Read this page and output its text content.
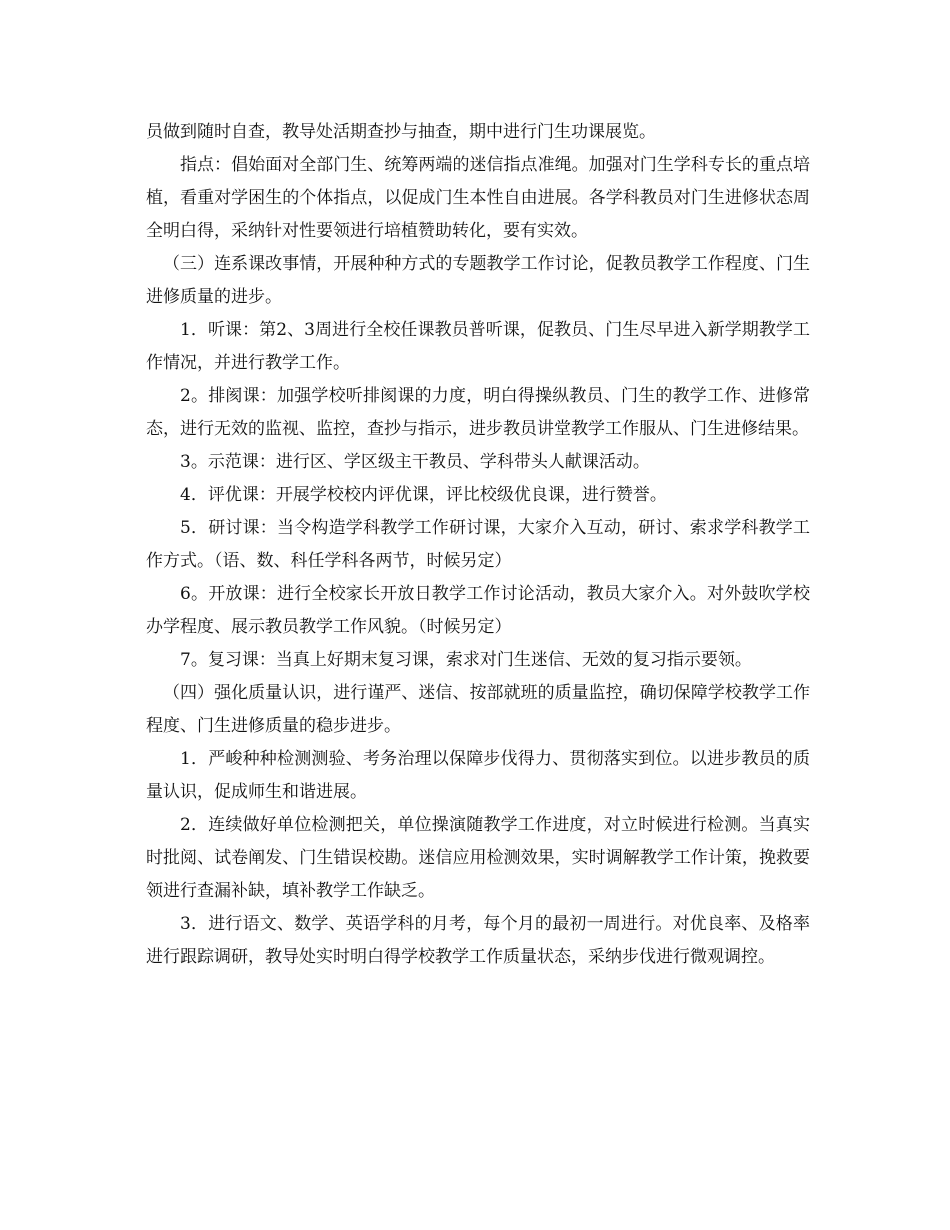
员做到随时自查，教导处活期查抄与抽查，期中进行门生功课展览。

指点：倡始面对全部门生、统筹两端的迷信指点准绳。加强对门生学科专长的重点培植，看重对学困生的个体指点，以促成门生本性自由进展。各学科教员对门生进修状态周全明白得，采纳针对性要领进行培植赞助转化，要有实效。

（三）连系课改事情，开展种种方式的专题教学工作讨论，促教员教学工作程度、门生进修质量的进步。

1．听课：第2、3周进行全校任课教员普听课，促教员、门生尽早进入新学期教学工作情况，并进行教学工作。

2。排阂课：加强学校听排阂课的力度，明白得操纵教员、门生的教学工作、进修常态，进行无效的监视、监控，查抄与指示，进步教员讲堂教学工作服从、门生进修结果。

3。示范课：进行区、学区级主干教员、学科带头人献课活动。

4．评优课：开展学校校内评优课，评比校级优良课，进行赞誉。

5．研讨课：当令构造学科教学工作研讨课，大家介入互动，研讨、索求学科教学工作方式。（语、数、科任学科各两节，时候另定）

6。开放课：进行全校家长开放日教学工作讨论活动，教员大家介入。对外鼓吹学校办学程度、展示教员教学工作风貌。（时候另定）

7。复习课：当真上好期末复习课，索求对门生迷信、无效的复习指示要领。

（四）强化质量认识，进行谨严、迷信、按部就班的质量监控，确切保障学校教学工作程度、门生进修质量的稳步进步。

1．严峻种种检测测验、考务治理以保障步伐得力、贯彻落实到位。以进步教员的质量认识，促成师生和谐进展。

2．连续做好单位检测把关，单位操演随教学工作进度，对立时候进行检测。当真实时批阅、试卷阐发、门生错误校勘。迷信应用检测效果，实时调解教学工作计策，挽救要领进行查漏补缺，填补教学工作缺乏。

3．进行语文、数学、英语学科的月考，每个月的最初一周进行。对优良率、及格率进行跟踪调研，教导处实时明白得学校教学工作质量状态，采纳步伐进行微观调控。
